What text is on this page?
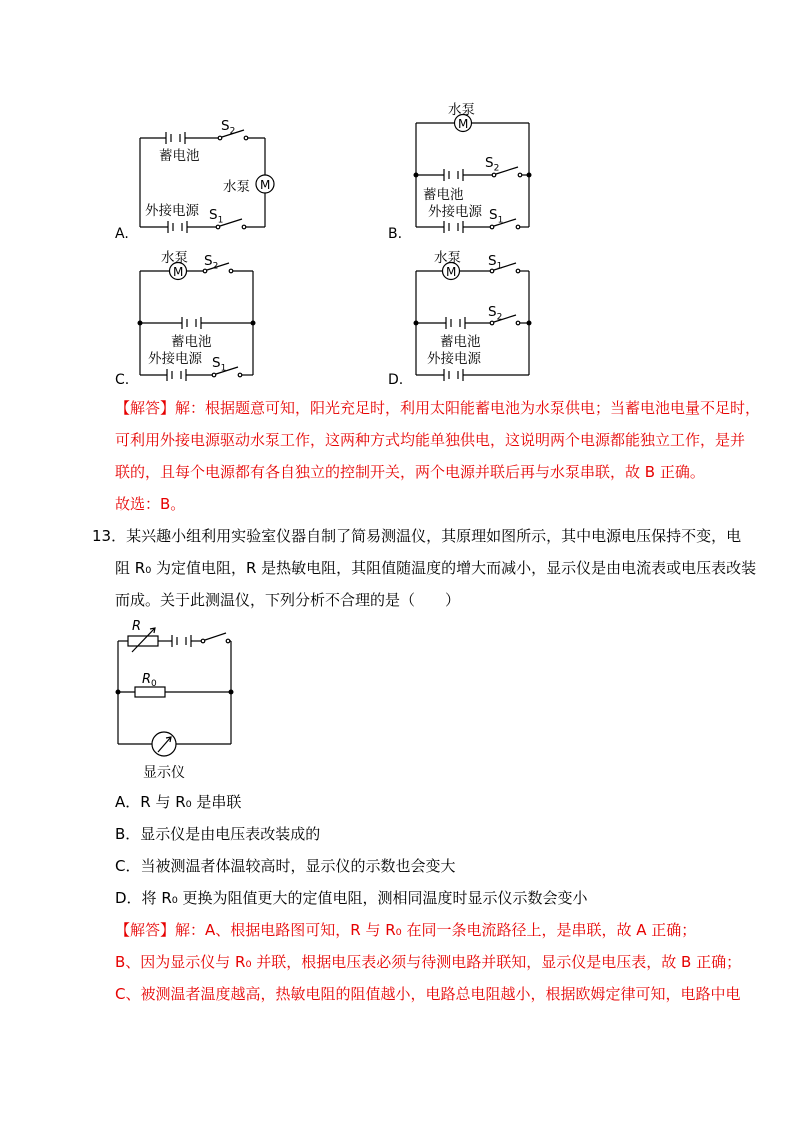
A.
M
蓄电池
水泵
外接电源
$S_2$
$S_1$
B.
M
水泵
蓄电池
外接电源
$S_2$
$S_1$
C.
M
水泵 $S_2$
蓄电池
外接电源 $S_1$
D.
M
水泵 $S_1$
$S_2$
蓄电池
外接电源
【解答】解：根据题意可知，阳光充足时，利用太阳能蓄电池为水泵供电；当蓄电池电量不足时，
可利用外接电源驱动水泵工作，这两种方式均能单独供电，这说明两个电源都能独立工作，是并
联的，且每个电源都有各自独立的控制开关，两个电源并联后再与水泵串联，故 B 正确。
故选：B。
13．某兴趣小组利用实验室仪器自制了简易测温仪，其原理如图所示，其中电源电压保持不变，电
阻 R₀ 为定值电阻，R 是热敏电阻，其阻值随温度的增大而减小，显示仪是由电流表或电压表改装
而成。关于此测温仪，下列分析不合理的是（　　）
R
R 0
显示仪
A．R 与 R₀ 是串联
B．显示仪是由电压表改装成的
C．当被测温者体温较高时，显示仪的示数也会变大
D．将 R₀ 更换为阻值更大的定值电阻，测相同温度时显示仪示数会变小
【解答】解：A、根据电路图可知，R 与 R₀ 在同一条电流路径上，是串联，故 A 正确；
B、因为显示仪与 R₀ 并联，根据电压表必须与待测电路并联知，显示仪是电压表，故 B 正确；
C、被测温者温度越高，热敏电阻的阻值越小，电路总电阻越小，根据欧姆定律可知，电路中电
